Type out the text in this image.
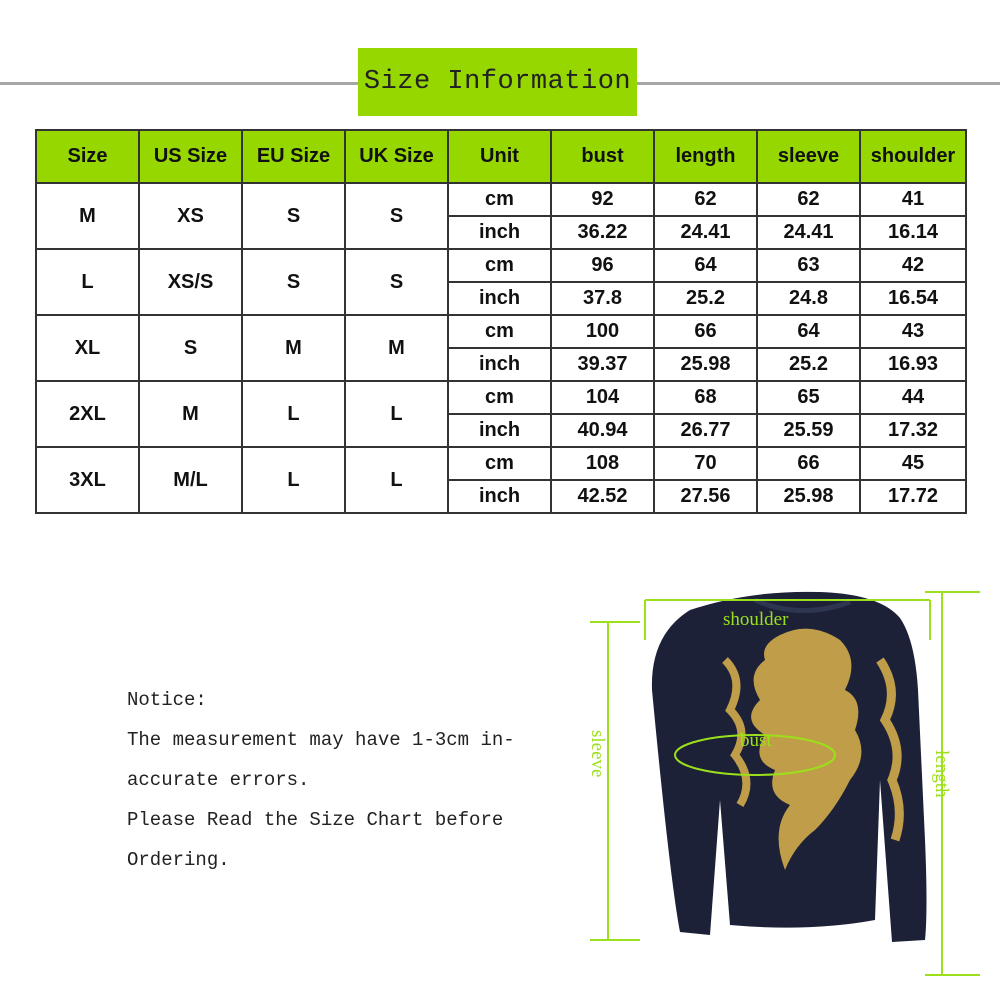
Size Information
Size	US Size	EU Size	UK Size	Unit	bust	length	sleeve	shoulder
M	XS	S	S	cm	92	62	62	41
				inch	36.22	24.41	24.41	16.14
L	XS/S	S	S	cm	96	64	63	42
				inch	37.8	25.2	24.8	16.54
XL	S	M	M	cm	100	66	64	43
				inch	39.37	25.98	25.2	16.93
2XL	M	L	L	cm	104	68	65	44
				inch	40.94	26.77	25.59	17.32
3XL	M/L	L	L	cm	108	70	66	45
				inch	42.52	27.56	25.98	17.72
Notice:
The measurement may have 1-3cm in-
accurate errors.
Please Read the Size Chart before
Ordering.
shoulder
bust
sleeve	length
